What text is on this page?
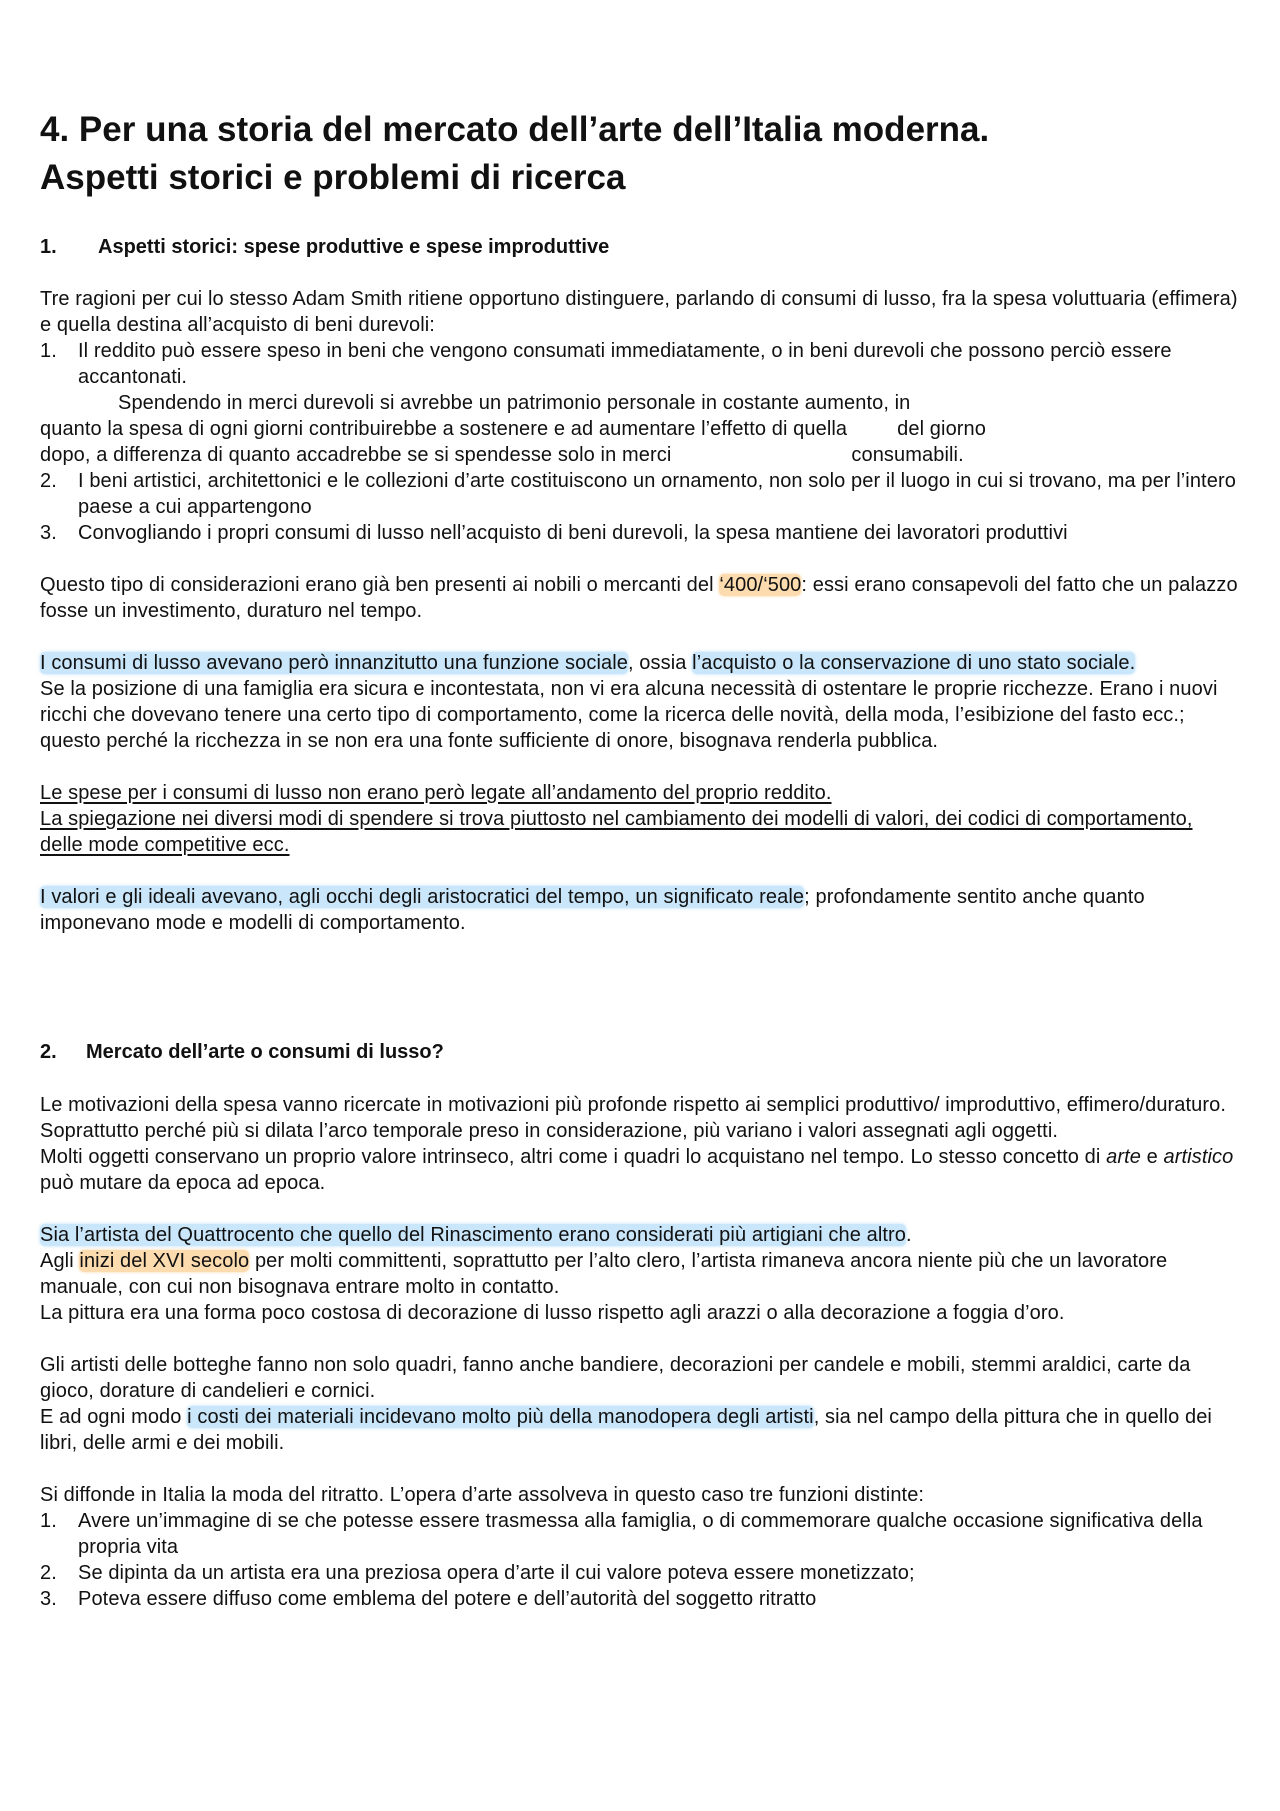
4. Per una storia del mercato dell’arte dell’Italia moderna.
Aspetti storici e problemi di ricerca
1. Aspetti storici: spese produttive e spese improduttive

Tre ragioni per cui lo stesso Adam Smith ritiene opportuno distinguere, parlando di consumi di lusso, fra la spesa voluttuaria (effimera) e quella destina all’acquisto di beni durevoli:

1. Il reddito può essere speso in beni che vengono consumati immediatamente, o in beni durevoli che possono perciò essere accantonati.

Spendendo in merci durevoli si avrebbe un patrimonio personale in costante aumento, in

quanto la spesa di ogni giorni contribuirebbe a sostenere e ad aumentare l’effetto di quella	del giorno

dopo, a differenza di quanto accadrebbe se si spendesse solo in merci	consumabili.

2. I beni artistici, architettonici e le collezioni d’arte costituiscono un ornamento, non solo per il luogo in cui si trovano, ma per l’intero paese a cui appartengono

3. Convogliando i propri consumi di lusso nell’acquisto di beni durevoli, la spesa mantiene dei lavoratori produttivi

Questo tipo di considerazioni erano già ben presenti ai nobili o mercanti del ‘400/‘500: essi erano consapevoli del fatto che un palazzo fosse un investimento, duraturo nel tempo.

I consumi di lusso avevano però innanzitutto una funzione sociale, ossia l’acquisto o la conservazione di uno stato sociale.

Se la posizione di una famiglia era sicura e incontestata, non vi era alcuna necessità di ostentare le proprie ricchezze. Erano i nuovi ricchi che dovevano tenere una certo tipo di comportamento, come la ricerca delle novità, della moda, l’esibizione del fasto ecc.; questo perché la ricchezza in se non era una fonte sufficiente di onore, bisognava renderla pubblica.

Le spese per i consumi di lusso non erano però legate all’andamento del proprio reddito.

La spiegazione nei diversi modi di spendere si trova piuttosto nel cambiamento dei modelli di valori, dei codici di comportamento, delle mode competitive ecc.

I valori e gli ideali avevano, agli occhi degli aristocratici del tempo, un significato reale; profondamente sentito anche quanto imponevano mode e modelli di comportamento.

2. Mercato dell’arte o consumi di lusso?

Le motivazioni della spesa vanno ricercate in motivazioni più profonde rispetto ai semplici produttivo/ improduttivo, effimero/duraturo. Soprattutto perché più si dilata l’arco temporale preso in considerazione, più variano i valori assegnati agli oggetti.

Molti oggetti conservano un proprio valore intrinseco, altri come i quadri lo acquistano nel tempo. Lo stesso concetto di arte e artistico può mutare da epoca ad epoca.

Sia l’artista del Quattrocento che quello del Rinascimento erano considerati più artigiani che altro.

Agli inizi del XVI secolo per molti committenti, soprattutto per l’alto clero, l’artista rimaneva ancora niente più che un lavoratore manuale, con cui non bisognava entrare molto in contatto.

La pittura era una forma poco costosa di decorazione di lusso rispetto agli arazzi o alla decorazione a foggia d’oro.

Gli artisti delle botteghe fanno non solo quadri, fanno anche bandiere, decorazioni per candele e mobili, stemmi araldici, carte da gioco, dorature di candelieri e cornici.

E ad ogni modo i costi dei materiali incidevano molto più della manodopera degli artisti, sia nel campo della pittura che in quello dei libri, delle armi e dei mobili.

Si diffonde in Italia la moda del ritratto. L’opera d’arte assolveva in questo caso tre funzioni distinte:

1. Avere un’immagine di se che potesse essere trasmessa alla famiglia, o di commemorare qualche occasione significativa della propria vita

2. Se dipinta da un artista era una preziosa opera d’arte il cui valore poteva essere monetizzato;

3. Poteva essere diffuso come emblema del potere e dell’autorità del soggetto ritratto
